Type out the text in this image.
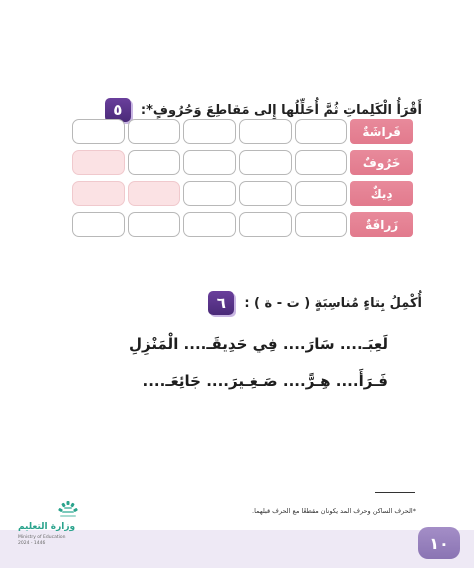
٥	أَقْرَأُ الْكَلِماتِ ثُمَّ أُحَلِّلُها إِلى مَقاطِعَ وَحُرُوفٍ*:
فَراشَةٌ
خَرُوفٌ
دِيكٌ
زَرافَةٌ
٦	أُكْمِلُ بِتاءٍ مُناسِبَةٍ ( ت - ة ) :
لَعِبَـ.... سَارَ.... فِي حَدِيقَـ.... الْمَنْزِلِ
فَـرَأَ.... هِـرًّ.... صَـغِـيرَ.... جَائِعَـ....
*الحرف الساكن وحرف المد يكونان مقطعًا مع الحرف قبلهما.
١٠
وزارة التعليم
Ministry of Education
2024 - 1446
